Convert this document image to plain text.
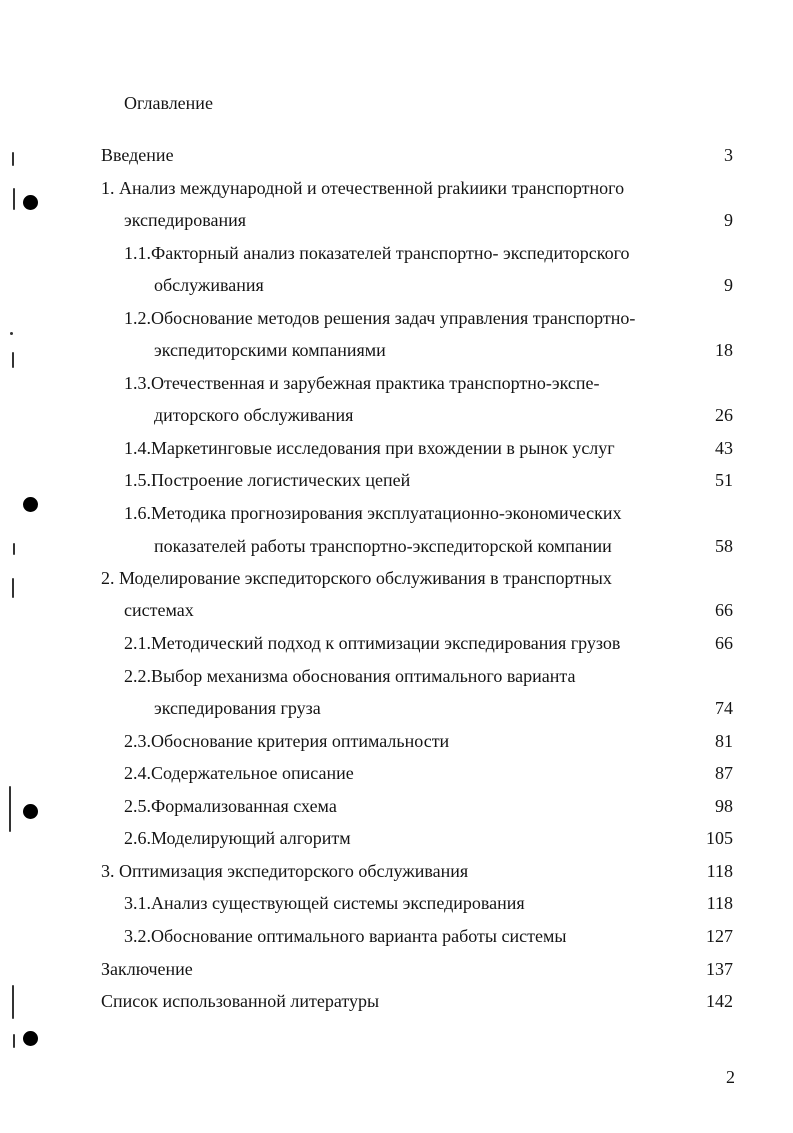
Оглавление
Введение	3
1. Анализ международной и отечественной prakиики транспортного
экспедирования	9
1.1.Факторный анализ показателей транспортно- экспедиторского
обслуживания	9
1.2.Обоснование методов решения задач управления транспортно-
экспедиторскими компаниями	18
1.3.Отечественная и зарубежная практика транспортно-экспе-
диторского обслуживания	26
1.4.Маркетинговые исследования при вхождении в рынок услуг	43
1.5.Построение логистических цепей	51
1.6.Методика прогнозирования эксплуатационно-экономических
показателей работы транспортно-экспедиторской компании	58
2. Моделирование экспедиторского обслуживания в транспортных
системах	66
2.1.Методический подход к оптимизации экспедирования грузов	66
2.2.Выбор механизма обоснования оптимального варианта
экспедирования груза	74
2.3.Обоснование критерия оптимальности	81
2.4.Содержательное описание	87
2.5.Формализованная схема	98
2.6.Моделирующий алгоритм	105
3. Оптимизация экспедиторского обслуживания	118
3.1.Анализ существующей системы экспедирования	118
3.2.Обоснование оптимального варианта работы системы	127
Заключение	137
Список использованной литературы	142
2
